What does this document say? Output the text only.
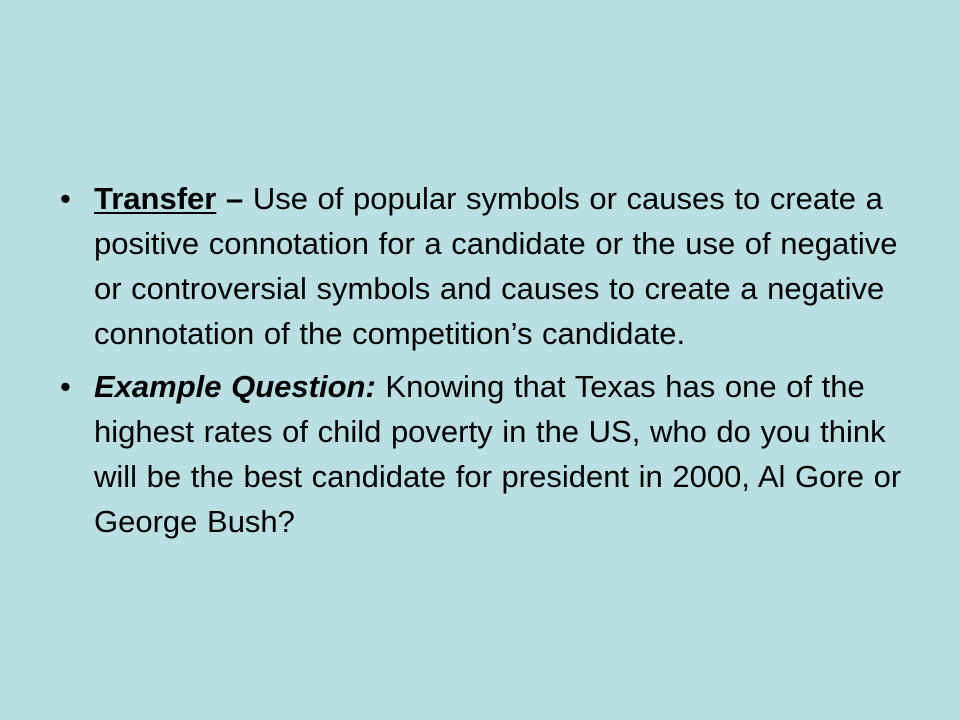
• Transfer – Use of popular symbols or causes to create a positive connotation for a candidate or the use of negative or controversial symbols and causes to create a negative connotation of the competition’s candidate.
• Example Question: Knowing that Texas has one of the highest rates of child poverty in the US, who do you think will be the best candidate for president in 2000, Al Gore or George Bush?
